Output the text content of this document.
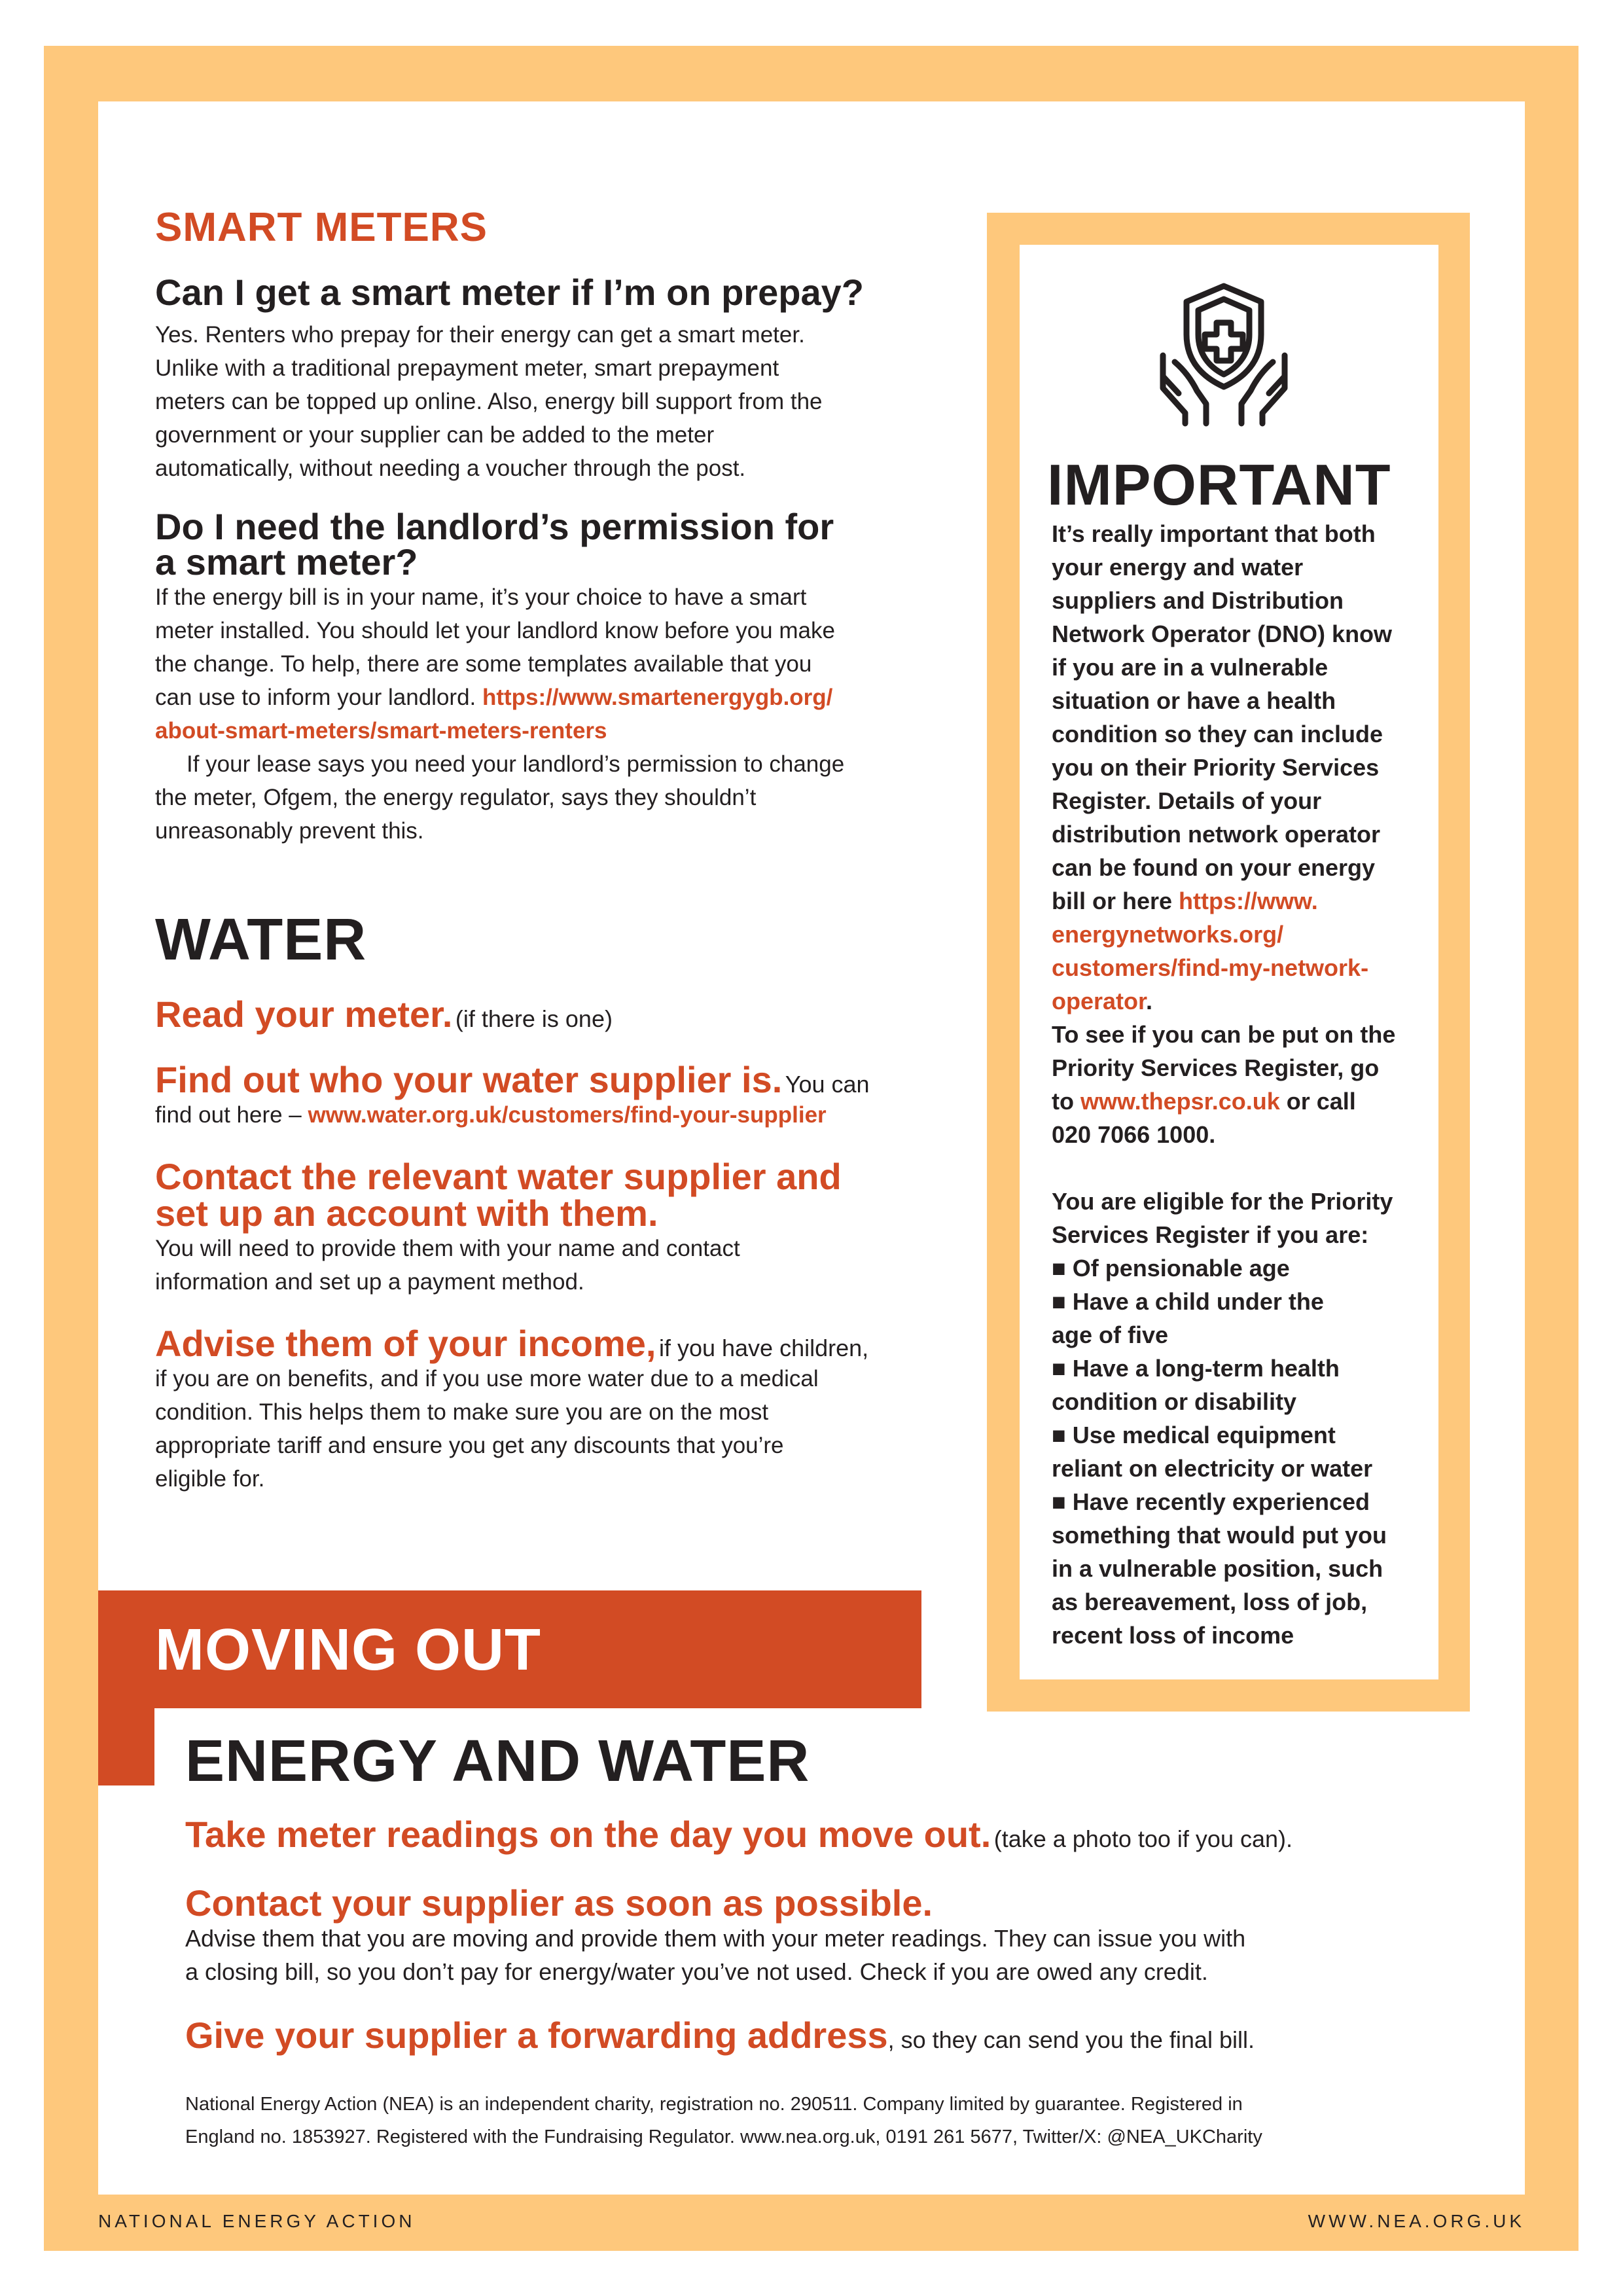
SMART METERS
Can I get a smart meter if I’m on prepay?
Yes. Renters who prepay for their energy can get a smart meter.
Unlike with a traditional prepayment meter, smart prepayment
meters can be topped up online. Also, energy bill support from the
government or your supplier can be added to the meter
automatically, without needing a voucher through the post.
Do I need the landlord’s permission for
a smart meter?
If the energy bill is in your name, it’s your choice to have a smart
meter installed. You should let your landlord know before you make
the change. To help, there are some templates available that you
can use to inform your landlord. https://www.smartenergygb.org/
about-smart-meters/smart-meters-renters
If your lease says you need your landlord’s permission to change
the meter, Ofgem, the energy regulator, says they shouldn’t
unreasonably prevent this.
WATER
Read your meter. (if there is one)
Find out who your water supplier is. You can
find out here – www.water.org.uk/customers/find-your-supplier
Contact the relevant water supplier and
set up an account with them.
You will need to provide them with your name and contact
information and set up a payment method.
Advise them of your income, if you have children,
if you are on benefits, and if you use more water due to a medical
condition. This helps them to make sure you are on the most
appropriate tariff and ensure you get any discounts that you’re
eligible for.
IMPORTANT
It’s really important that both
your energy and water
suppliers and Distribution
Network Operator (DNO) know
if you are in a vulnerable
situation or have a health
condition so they can include
you on their Priority Services
Register. Details of your
distribution network operator
can be found on your energy
bill or here https://www.
energynetworks.org/
customers/find-my-network-
operator.
To see if you can be put on the
Priority Services Register, go
to www.thepsr.co.uk or call
020 7066 1000.
You are eligible for the Priority
Services Register if you are:
■ Of pensionable age
■ Have a child under the
age of five
■ Have a long-term health
condition or disability
■ Use medical equipment
reliant on electricity or water
■ Have recently experienced
something that would put you
in a vulnerable position, such
as bereavement, loss of job,
recent loss of income
MOVING OUT
ENERGY AND WATER
Take meter readings on the day you move out. (take a photo too if you can).
Contact your supplier as soon as possible.
Advise them that you are moving and provide them with your meter readings. They can issue you with
a closing bill, so you don’t pay for energy/water you’ve not used. Check if you are owed any credit.
Give your supplier a forwarding address, so they can send you the final bill.
National Energy Action (NEA) is an independent charity, registration no. 290511. Company limited by guarantee. Registered in
England no. 1853927. Registered with the Fundraising Regulator. www.nea.org.uk, 0191 261 5677, Twitter/X: @NEA_UKCharity
NATIONAL ENERGY ACTION	WWW.NEA.ORG.UK
